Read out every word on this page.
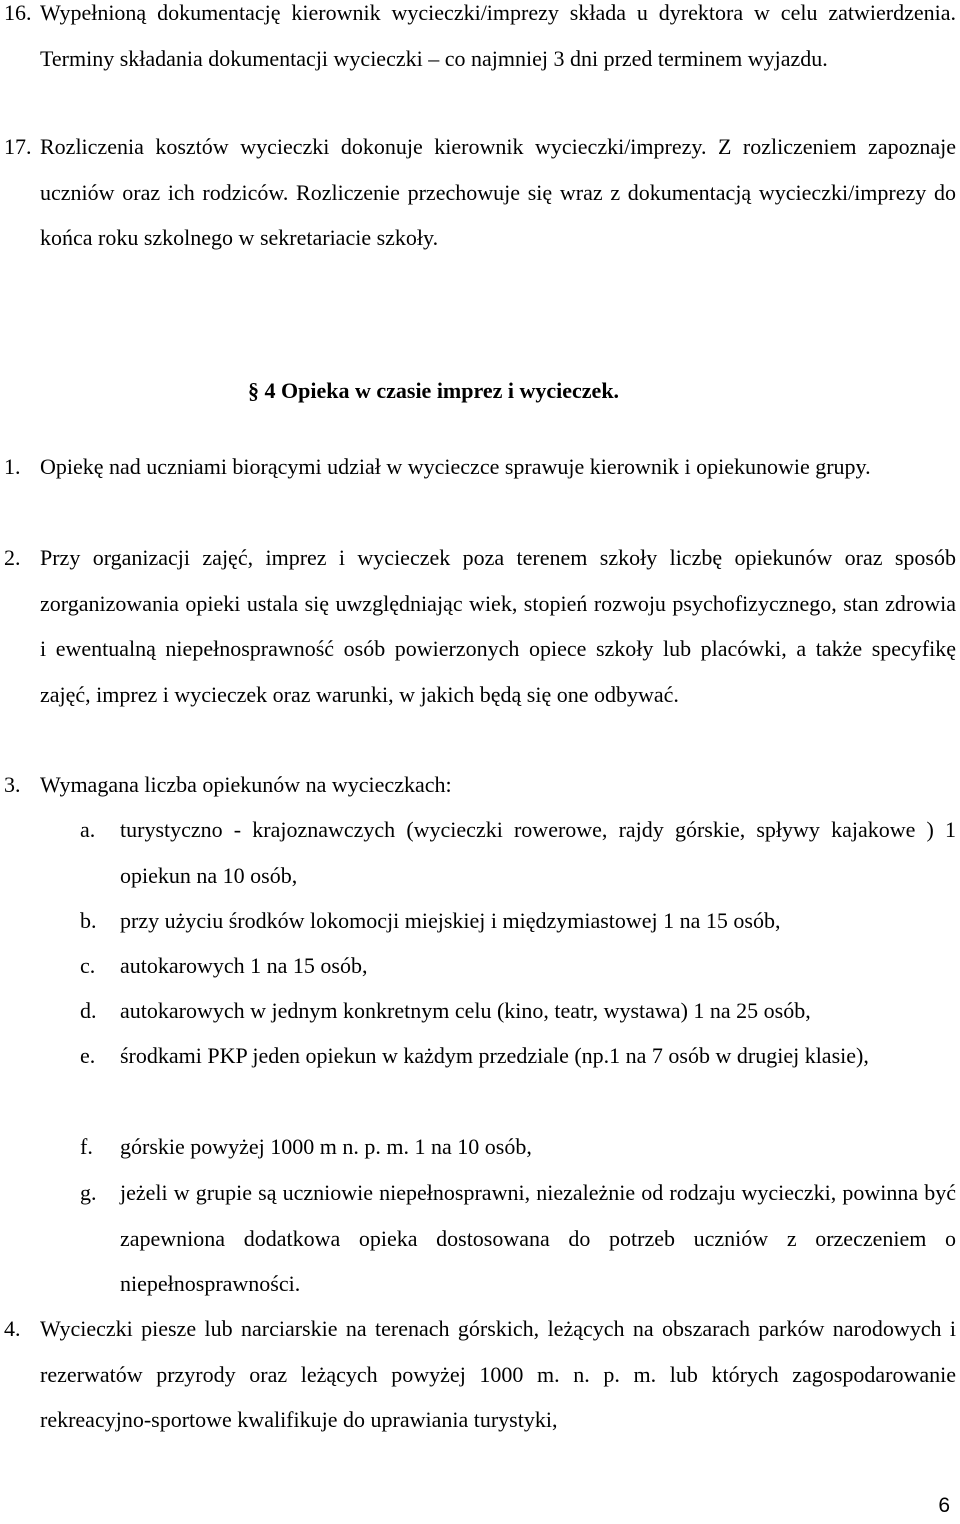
16. Wypełnioną dokumentację kierownik wycieczki/imprezy składa u dyrektora w celu zatwierdzenia. Terminy składania dokumentacji wycieczki – co najmniej 3 dni przed terminem wyjazdu.
17. Rozliczenia kosztów wycieczki dokonuje kierownik wycieczki/imprezy. Z rozliczeniem zapoznaje uczniów oraz ich rodziców. Rozliczenie przechowuje się wraz z dokumentacją wycieczki/imprezy do końca roku szkolnego w sekretariacie szkoły.
§ 4 Opieka w czasie imprez i wycieczek.
1. Opiekę nad uczniami biorącymi udział w wycieczce sprawuje kierownik i opiekunowie grupy.
2. Przy organizacji zajęć, imprez i wycieczek poza terenem szkoły liczbę opiekunów oraz sposób zorganizowania opieki ustala się uwzględniając wiek, stopień rozwoju psychofizycznego, stan zdrowia i ewentualną niepełnosprawność osób powierzonych opiece szkoły lub placówki, a także specyfikę zajęć, imprez i wycieczek oraz warunki, w jakich będą się one odbywać.
3. Wymagana liczba opiekunów na wycieczkach:
a. turystyczno - krajoznawczych (wycieczki rowerowe, rajdy górskie, spływy kajakowe ) 1 opiekun na 10 osób,
b. przy użyciu środków lokomocji miejskiej i międzymiastowej 1 na 15 osób,
c. autokarowych 1 na 15 osób,
d. autokarowych w jednym konkretnym celu (kino, teatr, wystawa) 1 na 25 osób,
e. środkami PKP jeden opiekun w każdym przedziale (np.1 na 7 osób w drugiej klasie),
f. górskie powyżej 1000 m n. p. m. 1 na 10 osób,
g. jeżeli w grupie są uczniowie niepełnosprawni, niezależnie od rodzaju wycieczki, powinna być zapewniona dodatkowa opieka dostosowana do potrzeb uczniów z orzeczeniem o niepełnosprawności.
4. Wycieczki piesze lub narciarskie na terenach górskich, leżących na obszarach parków narodowych i rezerwatów przyrody oraz leżących powyżej 1000 m. n. p. m. lub których zagospodarowanie rekreacyjno-sportowe kwalifikuje do uprawiania turystyki,
6
